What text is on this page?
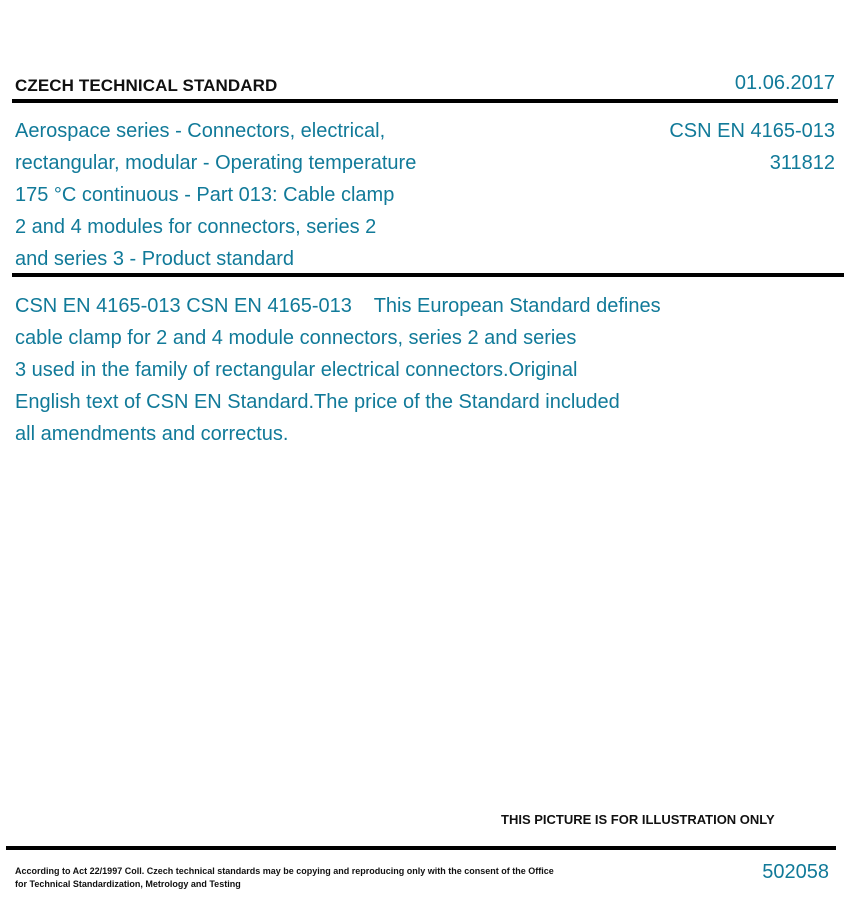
CZECH TECHNICAL STANDARD	01.06.2017
Aerospace series - Connectors, electrical,
rectangular, modular - Operating temperature
175 °C continuous - Part 013: Cable clamp
2 and 4 modules for connectors, series 2
and series 3 - Product standard
CSN EN 4165-013
311812
CSN EN 4165-013 CSN EN 4165-013    This European Standard defines
cable clamp for 2 and 4 module connectors, series 2 and series
3 used in the family of rectangular electrical connectors.Original
English text of CSN EN Standard.The price of the Standard included
all amendments and correctus.
THIS PICTURE IS FOR ILLUSTRATION ONLY
According to Act 22/1997 Coll. Czech technical standards may be copying and reproducing only with the consent of the Office
for Technical Standardization, Metrology and Testing
502058
